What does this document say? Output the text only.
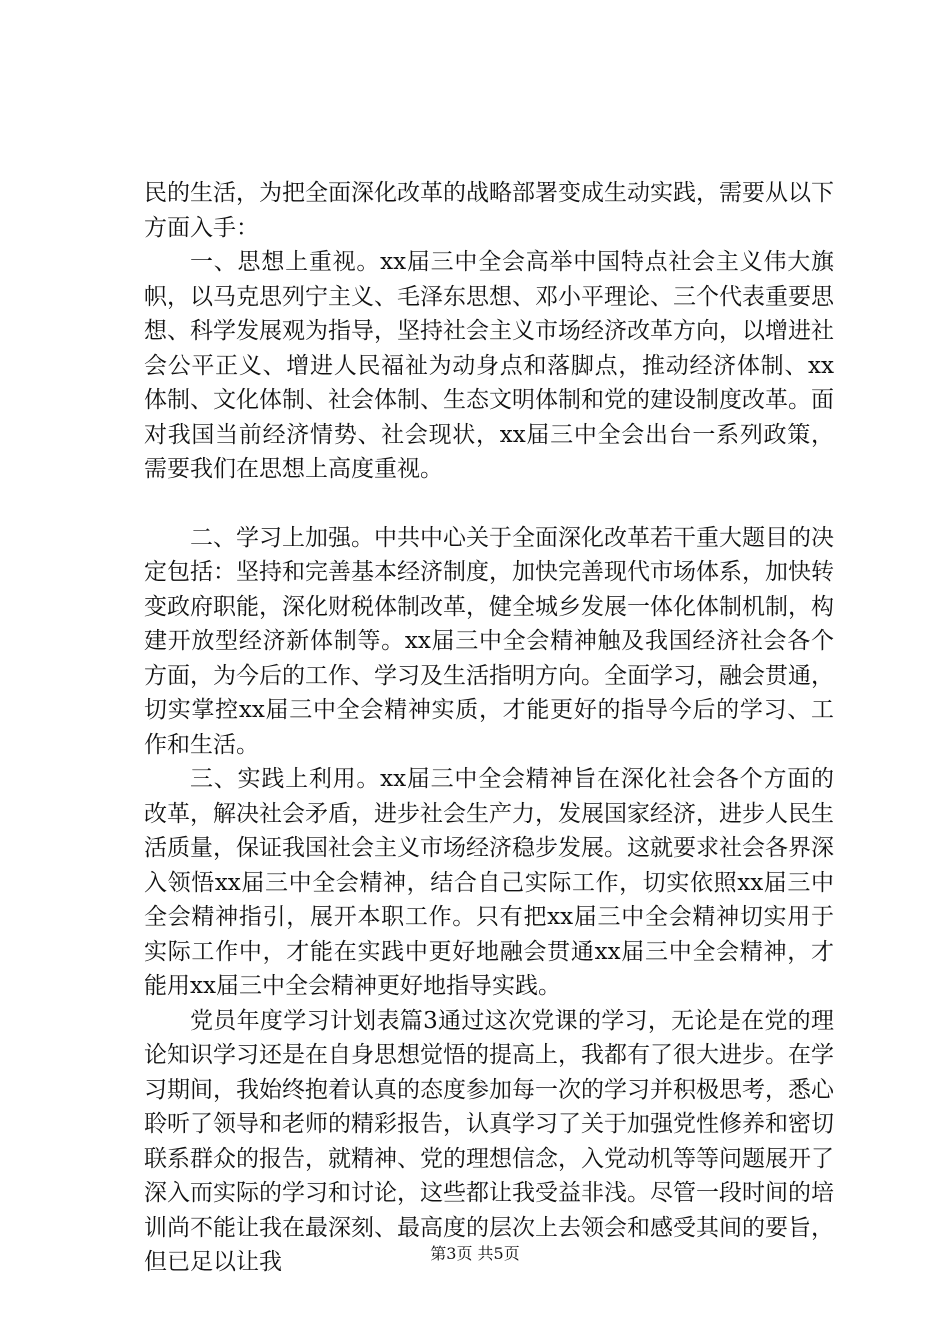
民的生活，为把全面深化改革的战略部署变成生动实践，需要从以下方面入手：

一、思想上重视。xx届三中全会高举中国特点社会主义伟大旗帜，以马克思列宁主义、毛泽东思想、邓小平理论、三个代表重要思想、科学发展观为指导，坚持社会主义市场经济改革方向，以增进社会公平正义、增进人民福祉为动身点和落脚点，推动经济体制、xx体制、文化体制、社会体制、生态文明体制和党的建设制度改革。面对我国当前经济情势、社会现状，xx届三中全会出台一系列政策，需要我们在思想上高度重视。

二、学习上加强。中共中心关于全面深化改革若干重大题目的决定包括：坚持和完善基本经济制度，加快完善现代市场体系，加快转变政府职能，深化财税体制改革，健全城乡发展一体化体制机制，构建开放型经济新体制等。xx届三中全会精神触及我国经济社会各个方面，为今后的工作、学习及生活指明方向。全面学习，融会贯通，切实掌控xx届三中全会精神实质，才能更好的指导今后的学习、工作和生活。

三、实践上利用。xx届三中全会精神旨在深化社会各个方面的改革，解决社会矛盾，进步社会生产力，发展国家经济，进步人民生活质量，保证我国社会主义市场经济稳步发展。这就要求社会各界深入领悟xx届三中全会精神，结合自己实际工作，切实依照xx届三中全会精神指引，展开本职工作。只有把xx届三中全会精神切实用于实际工作中，才能在实践中更好地融会贯通xx届三中全会精神，才能用xx届三中全会精神更好地指导实践。

党员年度学习计划表篇3通过这次党课的学习，无论是在党的理论知识学习还是在自身思想觉悟的提高上，我都有了很大进步。在学习期间，我始终抱着认真的态度参加每一次的学习并积极思考，悉心聆听了领导和老师的精彩报告，认真学习了关于加强党性修养和密切联系群众的报告，就精神、党的理想信念，入党动机等等问题展开了深入而实际的学习和讨论，这些都让我受益非浅。尽管一段时间的培训尚不能让我在最深刻、最高度的层次上去领会和感受其间的要旨，但已足以让我	第3页 共5页
